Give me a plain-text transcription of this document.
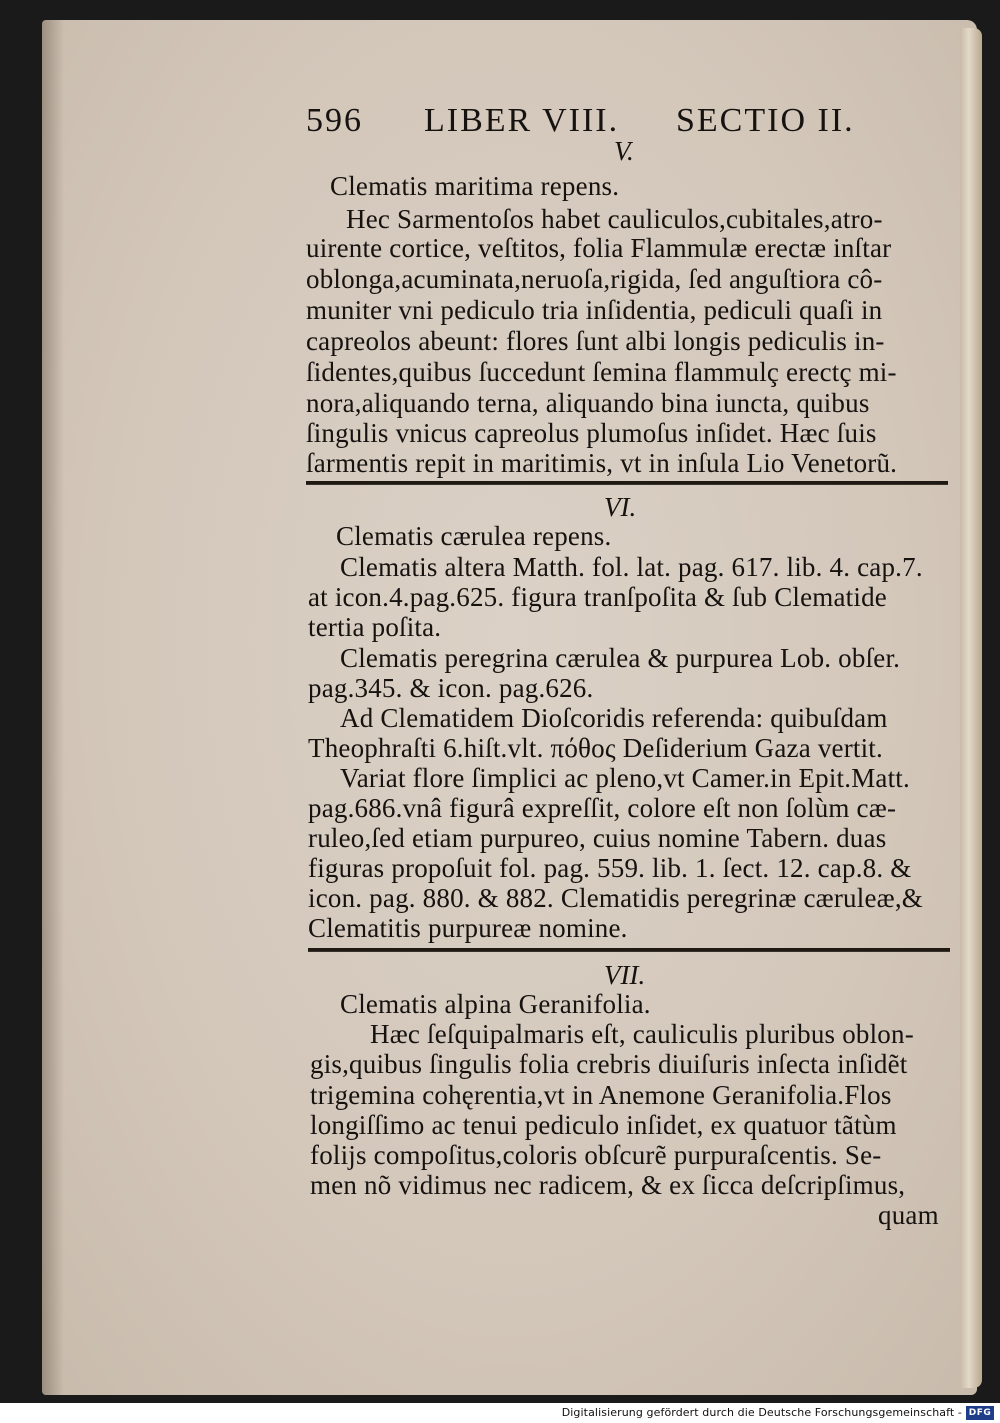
596 LIBER VIII. SECTIO II.
V.
Clematis maritima repens.
Hec Sarmentoſos habet cauliculos,cubitales,atro-
uirente cortice, veſtitos, folia Flammulæ erectæ inſtar
oblonga,acuminata,neruoſa,rigida, ſed anguſtiora cô-
muniter vni pediculo tria inſidentia, pediculi quaſi in
capreolos abeunt: flores ſunt albi longis pediculis in-
ſidentes,quibus ſuccedunt ſemina flammulç erectç mi-
nora,aliquando terna, aliquando bina iuncta, quibus
ſingulis vnicus capreolus plumoſus inſidet. Hæc ſuis
ſarmentis repit in maritimis, vt in inſula Lio Venetorũ.
VI.
Clematis cærulea repens.
Clematis altera Matth. fol. lat. pag. 617. lib. 4. cap.7.
at icon.4.pag.625. figura tranſpoſita & ſub Clematide
tertia poſita.
Clematis peregrina cærulea & purpurea Lob. obſer.
pag.345. & icon. pag.626.
Ad Clematidem Dioſcoridis referenda: quibuſdam
Theophraſti 6.hiſt.vlt. πόθος Deſiderium Gaza vertit.
Variat flore ſimplici ac pleno,vt Camer.in Epit.Matt.
pag.686.vnâ figurâ expreſſit, colore eſt non ſolùm cæ-
ruleo,ſed etiam purpureo, cuius nomine Tabern. duas
figuras propoſuit fol. pag. 559. lib. 1. ſect. 12. cap.8. &
icon. pag. 880. & 882. Clematidis peregrinæ cæruleæ,&
Clematitis purpureæ nomine.
VII.
Clematis alpina Geranifolia.
Hæc ſeſquipalmaris eſt, cauliculis pluribus oblon-
gis,quibus ſingulis folia crebris diuiſuris inſecta inſidẽt
trigemina cohęrentia,vt in Anemone Geranifolia.Flos
longiſſimo ac tenui pediculo inſidet, ex quatuor tãtùm
folijs compoſitus,coloris obſcurẽ purpuraſcentis. Se-
men nõ vidimus nec radicem, & ex ſicca deſcripſimus,
quam
Digitalisierung gefördert durch die Deutsche Forschungsgemeinschaft - DFG
